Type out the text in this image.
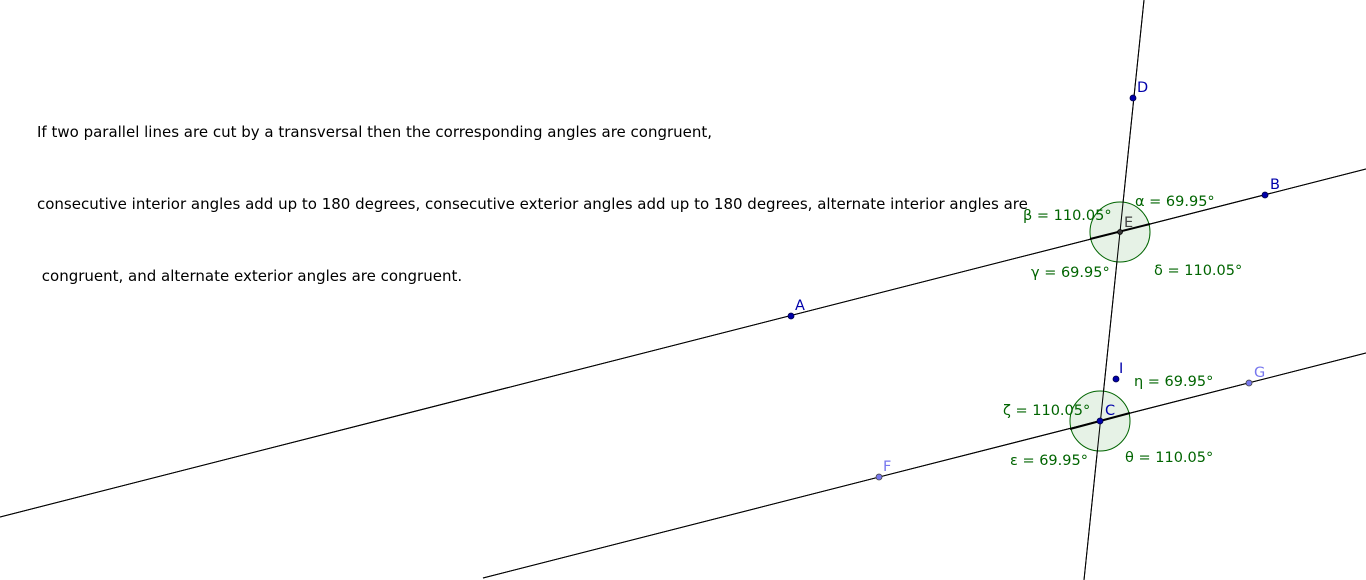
If two parallel lines are cut by a transversal then the corresponding angles are congruent,

consecutive interior angles add up to 180 degrees, consecutive exterior angles add up to 180 degrees, alternate interior angles are

congruent, and alternate exterior angles are congruent.

A
B
D
E
C
I
F
G
α = 69.95°
β = 110.05°
γ = 69.95°	δ = 110.05°
η = 69.95°
ζ = 110.05°
ε = 69.95°	θ = 110.05°
